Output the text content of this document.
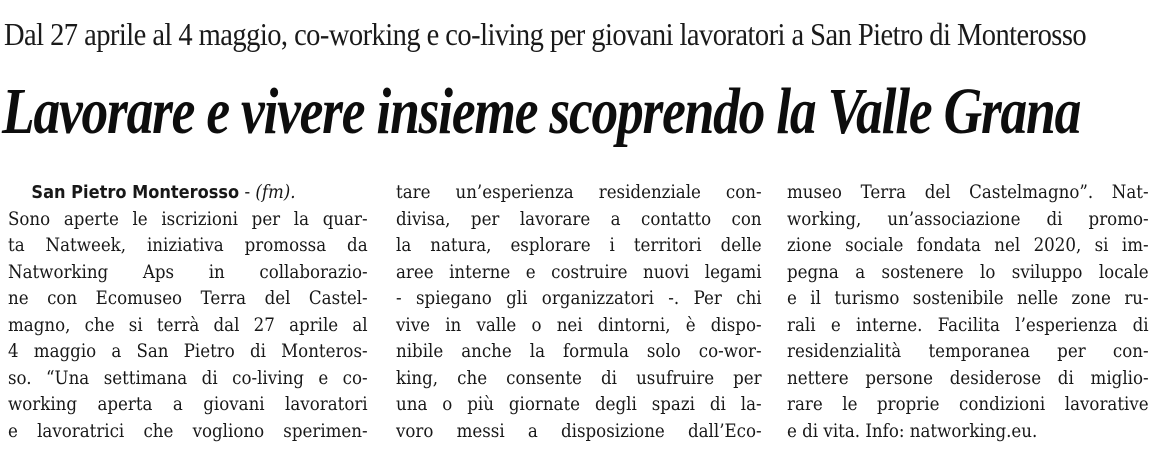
Dal 27 aprile al 4 maggio, co-working e co-living per giovani lavoratori a San Pietro di Monterosso
Lavorare e vivere insieme scoprendo la Valle Grana
San Pietro Monterosso - (fm).
Sono aperte le iscrizioni per la quar-
ta Natweek, iniziativa promossa da
Natworking Aps in collaborazio-
ne con Ecomuseo Terra del Castel-
magno, che si terrà dal 27 aprile al
4 maggio a San Pietro di Monteros-
so. “Una settimana di co-living e co-
working aperta a giovani lavoratori
e lavoratrici che vogliono sperimen-
tare un’esperienza residenziale con-
divisa, per lavorare a contatto con
la natura, esplorare i territori delle
aree interne e costruire nuovi legami
- spiegano gli organizzatori -. Per chi
vive in valle o nei dintorni, è dispo-
nibile anche la formula solo co-wor-
king, che consente di usufruire per
una o più giornate degli spazi di la-
voro messi a disposizione dall’Eco-
museo Terra del Castelmagno”. Nat-
working, un’associazione di promo-
zione sociale fondata nel 2020, si im-
pegna a sostenere lo sviluppo locale
e il turismo sostenibile nelle zone ru-
rali e interne. Facilita l’esperienza di
residenzialità temporanea per con-
nettere persone desiderose di miglio-
rare le proprie condizioni lavorative
e di vita. Info: natworking.eu.
